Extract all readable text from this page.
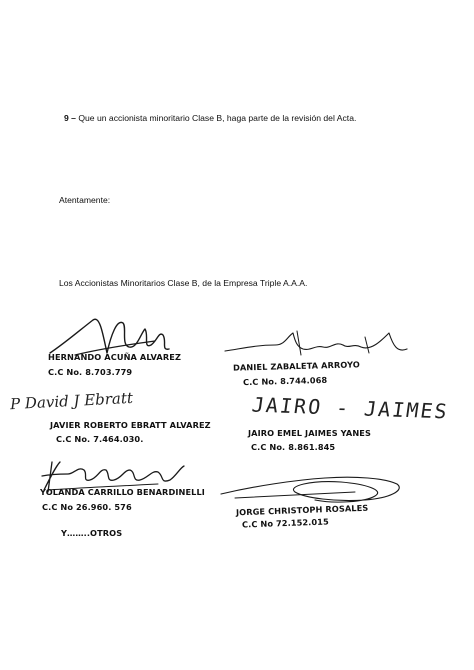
9 – Que un accionista minoritario Clase B, haga parte de la revisión del Acta.
Atentamente:
Los Accionistas Minoritarios Clase B, de la Empresa Triple A.A.A.
HERNANDO ACUÑA ALVAREZ
C.C No. 8.703.779	DANIEL ZABALETA ARROYO
C.C No. 8.744.068
P David J Ebratt	JAIRO - JAIMES
JAVIER ROBERTO EBRATT ALVAREZ
C.C No. 7.464.030.
JAIRO EMEL JAIMES YANES
C.C No. 8.861.845
YOLANDA CARRILLO BENARDINELLI
C.C No 26.960. 576	JORGE CHRISTOPH ROSALES
C.C No 72.152.015
Y……..OTROS
